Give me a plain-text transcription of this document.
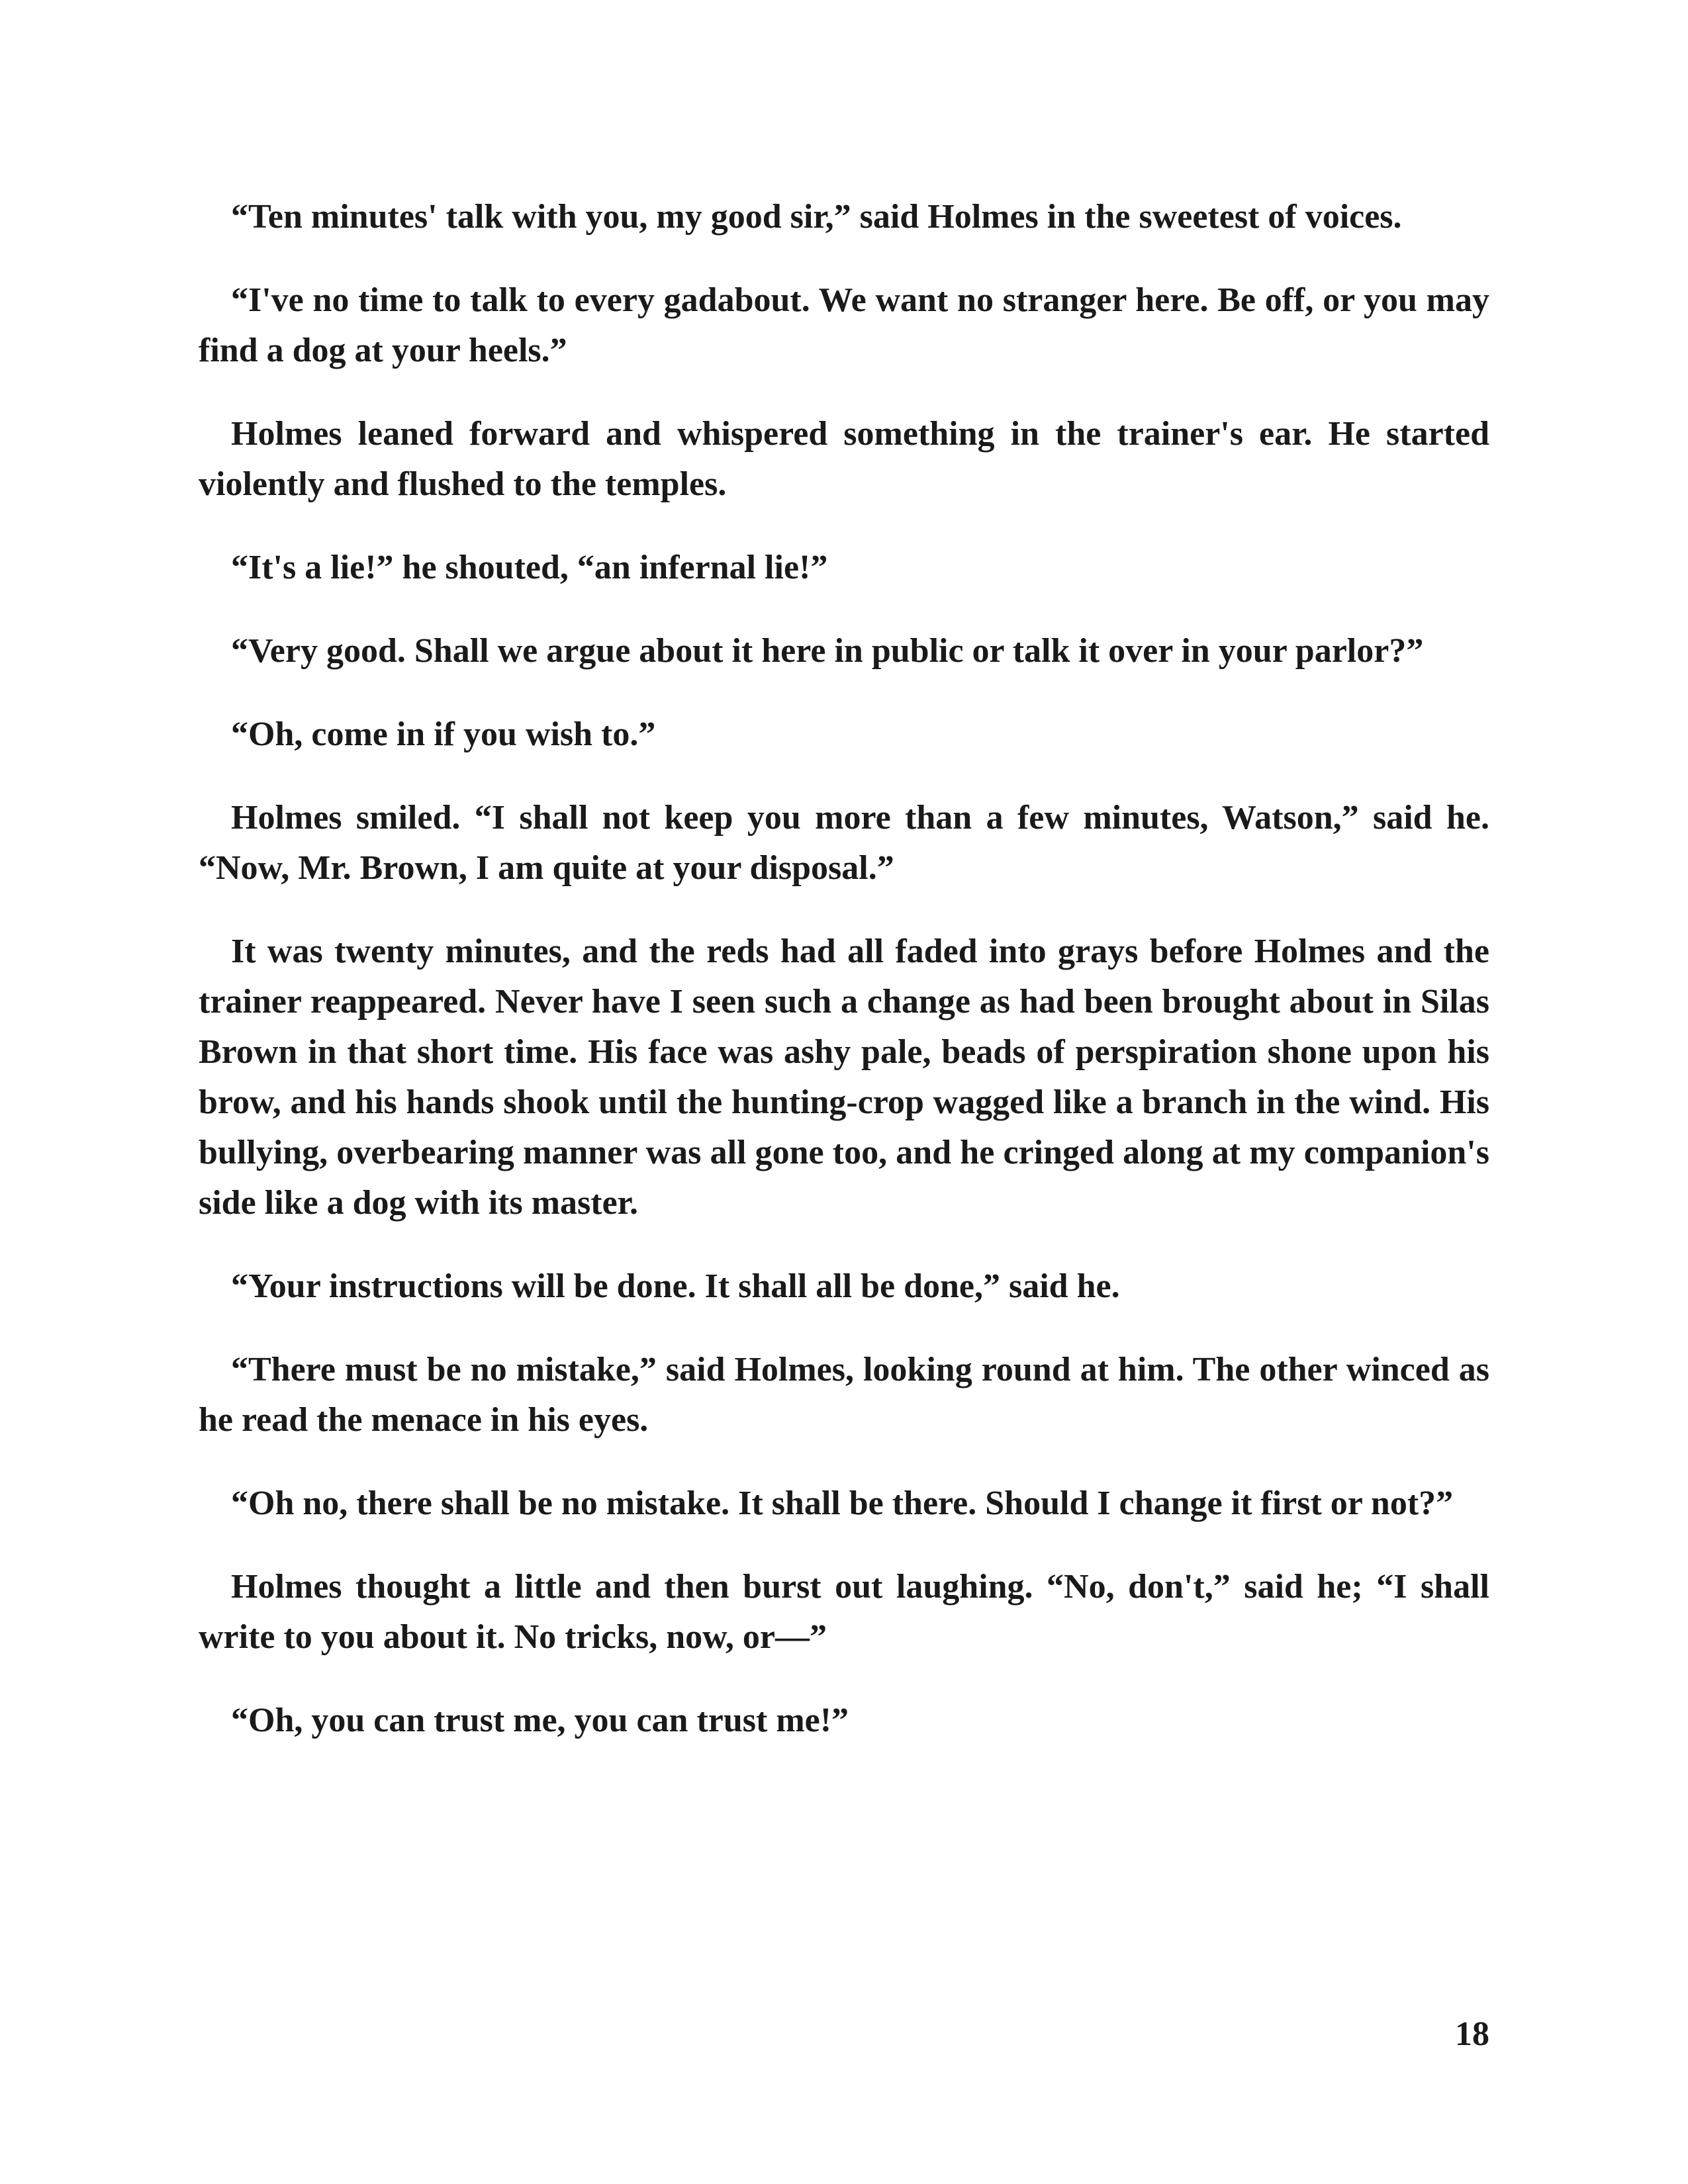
“Ten minutes' talk with you, my good sir,” said Holmes in the sweetest of voices.

“I've no time to talk to every gadabout. We want no stranger here. Be off, or you may find a dog at your heels.”

Holmes leaned forward and whispered something in the trainer's ear. He started violently and flushed to the temples.

“It's a lie!” he shouted, “an infernal lie!”

“Very good. Shall we argue about it here in public or talk it over in your parlor?”

“Oh, come in if you wish to.”

Holmes smiled. “I shall not keep you more than a few minutes, Watson,” said he. “Now, Mr. Brown, I am quite at your disposal.”

It was twenty minutes, and the reds had all faded into grays before Holmes and the trainer reappeared. Never have I seen such a change as had been brought about in Silas Brown in that short time. His face was ashy pale, beads of perspiration shone upon his brow, and his hands shook until the hunting-crop wagged like a branch in the wind. His bullying, overbearing manner was all gone too, and he cringed along at my companion's side like a dog with its master.

“Your instructions will be done. It shall all be done,” said he.

“There must be no mistake,” said Holmes, looking round at him. The other winced as he read the menace in his eyes.

“Oh no, there shall be no mistake. It shall be there. Should I change it first or not?”

Holmes thought a little and then burst out laughing. “No, don't,” said he; “I shall write to you about it. No tricks, now, or—”

“Oh, you can trust me, you can trust me!”

18
